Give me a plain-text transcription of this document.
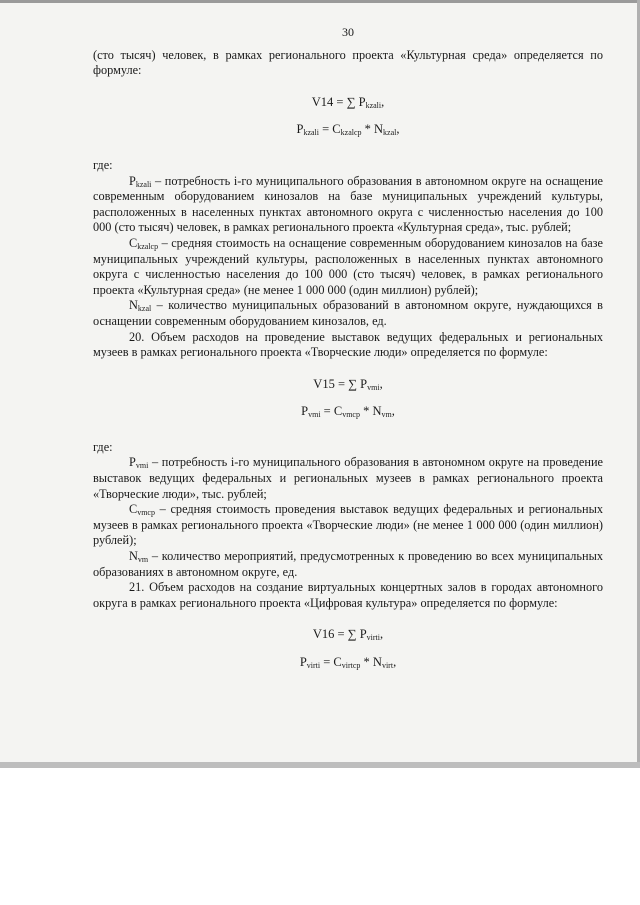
30

(сто тысяч) человек, в рамках регионального проекта «Культурная среда» определяется по формуле:

V14 = ∑ $P_{kzali}$,

$P_{kzali} = C_{kzalcp} * N_{kzal}$,

где:

$P_{kzali}$ – потребность i-го муниципального образования в автономном округе на оснащение современным оборудованием кинозалов на базе муниципальных учреждений культуры, расположенных в населенных пунктах автономного округа с численностью населения до 100 000 (сто тысяч) человек, в рамках регионального проекта «Культурная среда», тыс. рублей;

$C_{kzalcp}$ – средняя стоимость на оснащение современным оборудованием кинозалов на базе муниципальных учреждений культуры, расположенных в населенных пунктах автономного округа с численностью населения до 100 000 (сто тысяч) человек, в рамках регионального проекта «Культурная среда» (не менее 1 000 000 (один миллион) рублей);

$N_{kzal}$ – количество муниципальных образований в автономном округе, нуждающихся в оснащении современным оборудованием кинозалов, ед.

20. Объем расходов на проведение выставок ведущих федеральных и региональных музеев в рамках регионального проекта «Творческие люди» определяется по формуле:

V15 = ∑ $P_{vmi}$,

$P_{vmi} = C_{vmcp} * N_{vm}$,

где:

$P_{vmi}$ – потребность i-го муниципального образования в автономном округе на проведение выставок ведущих федеральных и региональных музеев в рамках регионального проекта «Творческие люди», тыс. рублей;

$C_{vmcp}$ – средняя стоимость проведения выставок ведущих федеральных и региональных музеев в рамках регионального проекта «Творческие люди» (не менее 1 000 000 (один миллион) рублей);

$N_{vm}$ – количество мероприятий, предусмотренных к проведению во всех муниципальных образованиях в автономном округе, ед.

21. Объем расходов на создание виртуальных концертных залов в городах автономного округа в рамках регионального проекта «Цифровая культура» определяется по формуле:

V16 = ∑ $P_{virti}$,

$P_{virti} = C_{virtcp} * N_{virt}$,
